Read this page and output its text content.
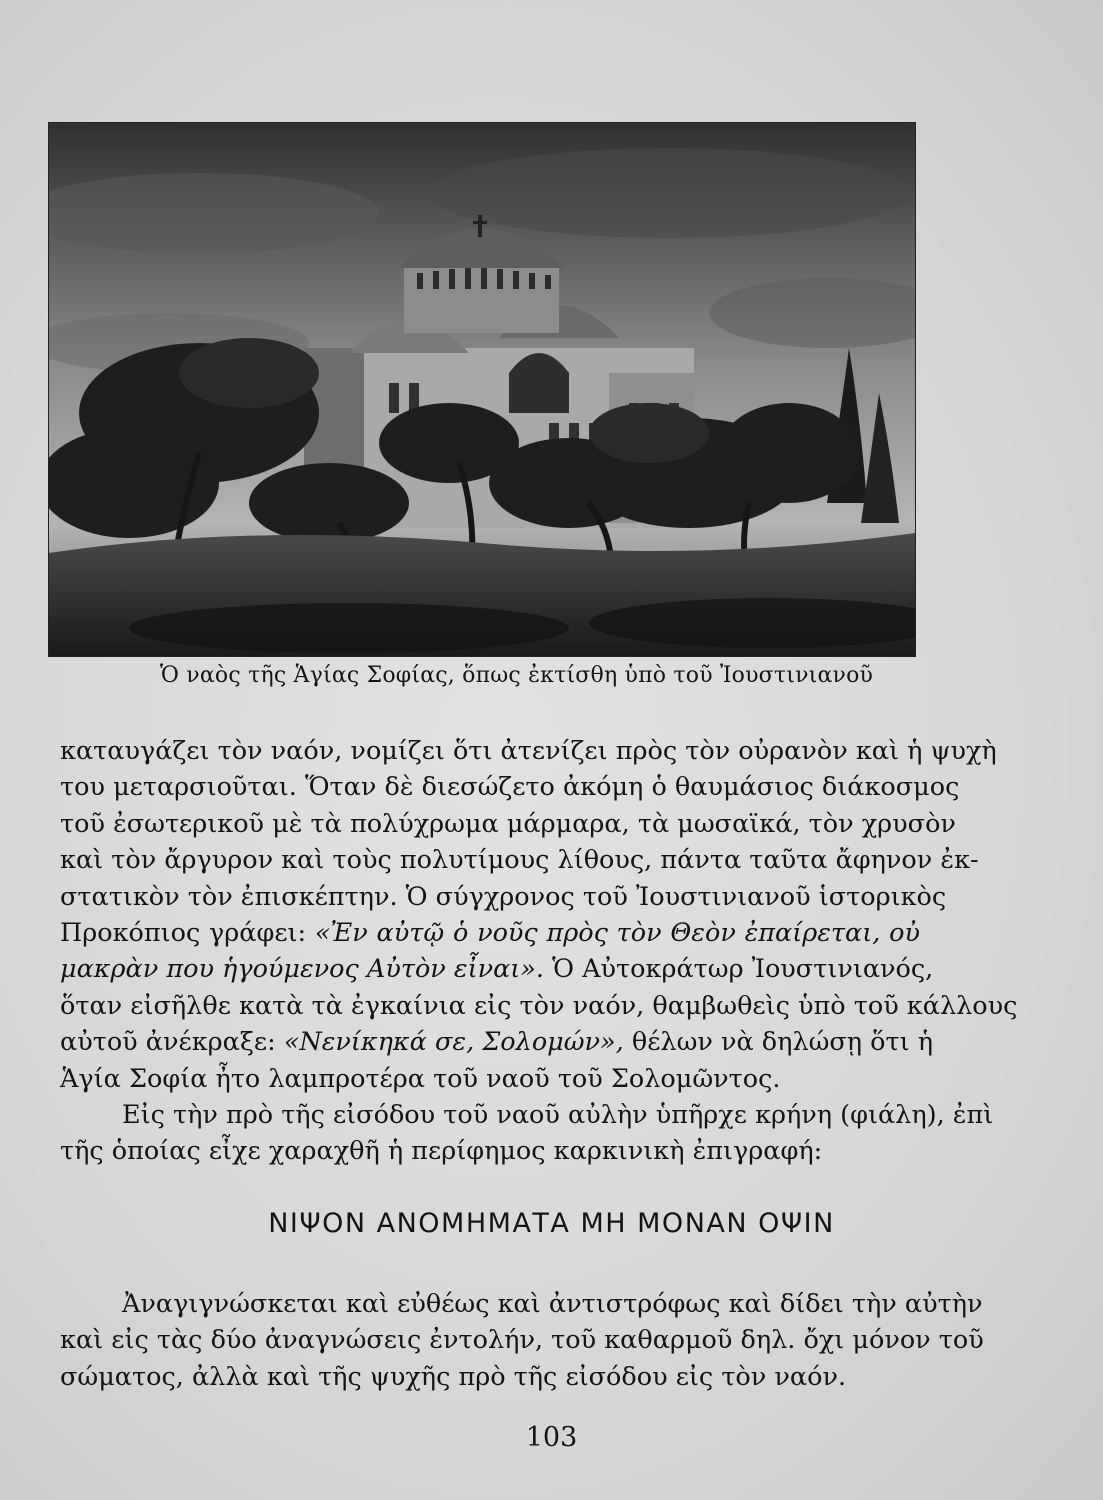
Ὁ ναὸς τῆς Ἁγίας Σοφίας, ὅπως ἐκτίσθη ὑπὸ τοῦ Ἰουστινιανοῦ
καταυγάζει τὸν ναόν, νομίζει ὅτι ἀτενίζει πρὸς τὸν οὐρανὸν καὶ ἡ ψυχὴ
του μεταρσιοῦται. Ὅταν δὲ διεσώζετο ἀκόμη ὁ θαυμάσιος διάκοσμος
τοῦ ἐσωτερικοῦ μὲ τὰ πολύχρωμα μάρμαρα, τὰ μωσαϊκά, τὸν χρυσὸν
καὶ τὸν ἄργυρον καὶ τοὺς πολυτίμους λίθους, πάντα ταῦτα ἄφηνον ἐκ-
στατικὸν τὸν ἐπισκέπτην. Ὁ σύγχρονος τοῦ Ἰουστινιανοῦ ἱστορικὸς
Προκόπιος γράφει: «Ἐν αὐτῷ ὁ νοῦς πρὸς τὸν Θεὸν ἐπαίρεται, οὐ
μακρὰν που ἡγούμενος Αὐτὸν εἶναι». Ὁ Αὐτοκράτωρ Ἰουστινιανός,
ὅταν εἰσῆλθε κατὰ τὰ ἐγκαίνια εἰς τὸν ναόν, θαμβωθεὶς ὑπὸ τοῦ κάλλους
αὐτοῦ ἀνέκραξε: «Νενίκηκά σε, Σολομών», θέλων νὰ δηλώσῃ ὅτι ἡ
Ἁγία Σοφία ἦτο λαμπροτέρα τοῦ ναοῦ τοῦ Σολομῶντος.
Εἰς τὴν πρὸ τῆς εἰσόδου τοῦ ναοῦ αὐλὴν ὑπῆρχε κρήνη (φιάλη), ἐπὶ
τῆς ὁποίας εἶχε χαραχθῆ ἡ περίφημος καρκινικὴ ἐπιγραφή:
ΝΙΨΟΝ ΑΝΟΜΗΜΑΤΑ ΜΗ ΜΟΝΑΝ ΟΨΙΝ
Ἀναγιγνώσκεται καὶ εὐθέως καὶ ἀντιστρόφως καὶ δίδει τὴν αὐτὴν
καὶ εἰς τὰς δύο ἀναγνώσεις ἐντολήν, τοῦ καθαρμοῦ δηλ. ὄχι μόνον τοῦ
σώματος, ἀλλὰ καὶ τῆς ψυχῆς πρὸ τῆς εἰσόδου εἰς τὸν ναόν.
103
